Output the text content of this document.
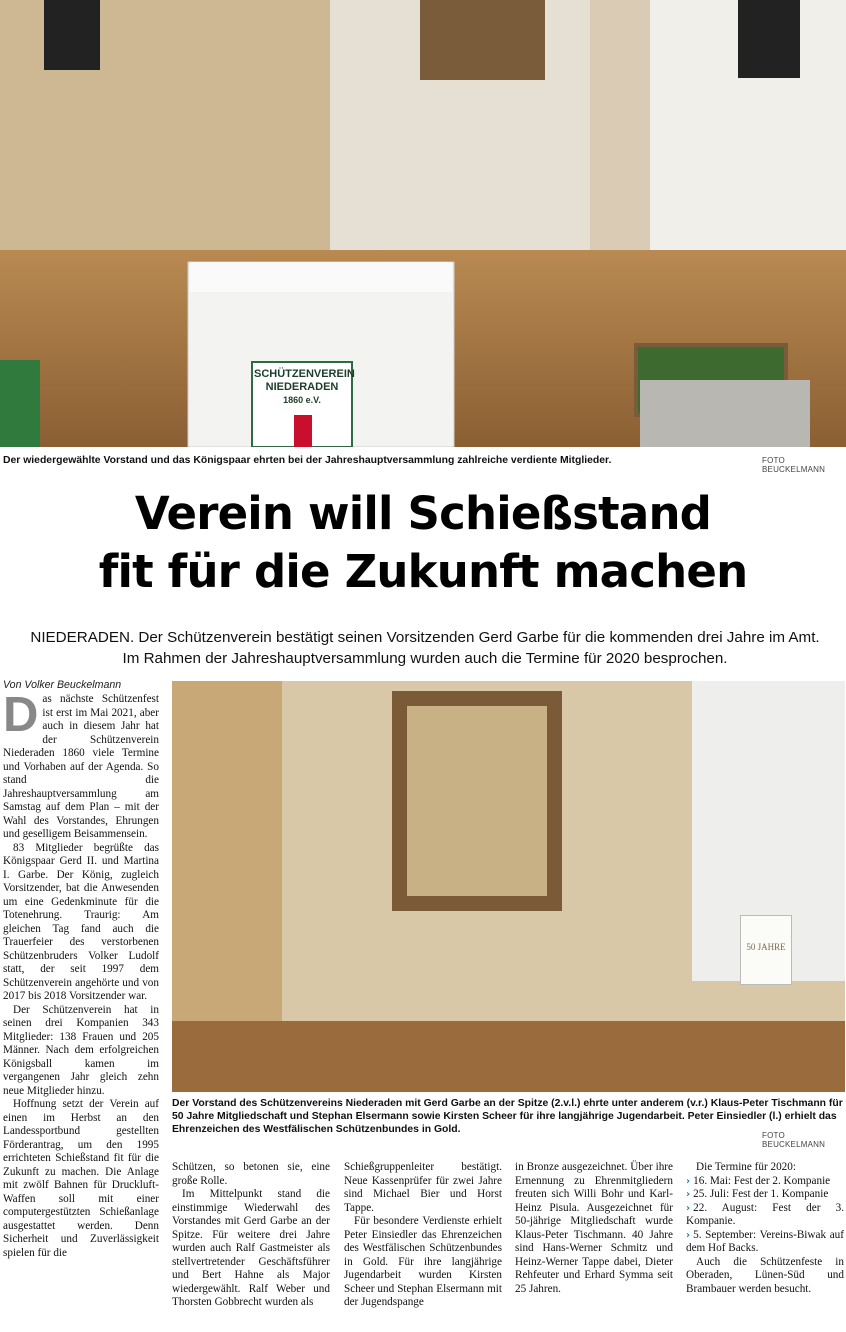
SCHÜTZENVEREIN
NIEDERADEN
1860 e.V.
Der wiedergewählte Vorstand und das Königspaar ehrten bei der Jahreshauptversammlung zahlreiche verdiente Mitglieder.	FOTO BEUCKELMANN
Verein will Schießstand
fit für die Zukunft machen

NIEDERADEN. Der Schützenverein bestätigt seinen Vorsitzenden Gerd Garbe für die kommenden drei Jahre im Amt. Im Rahmen der Jahreshauptversammlung wurden auch die Termine für 2020 besprochen.

Von Volker Beuckelmann
50 JAHRE
Der Vorstand des Schützenvereins Niederaden mit Gerd Garbe an der Spitze (2.v.l.) ehrte unter anderem (v.r.) Klaus-Peter Tischmann für 50 Jahre Mitgliedschaft und Stephan Elsermann sowie Kirsten Scheer für ihre langjährige Jugendarbeit. Peter Einsiedler (l.) erhielt das Ehrenzeichen des Westfälischen Schützenbundes in Gold.
FOTO BEUCKELMANN

Das nächste Schützenfest ist erst im Mai 2021, aber auch in diesem Jahr hat der Schützenverein Niederaden 1860 viele Termine und Vorhaben auf der Agenda. So stand die Jahreshauptversammlung am Samstag auf dem Plan – mit der Wahl des Vorstandes, Ehrungen und geselligem Beisammensein.

83 Mitglieder begrüßte das Königspaar Gerd II. und Martina I. Garbe. Der König, zugleich Vorsitzender, bat die Anwesenden um eine Gedenkminute für die Totenehrung. Traurig: Am gleichen Tag fand auch die Trauerfeier des verstorbenen Schützenbruders Volker Ludolf statt, der seit 1997 dem Schützenverein angehörte und von 2017 bis 2018 Vorsitzender war.

Der Schützenverein hat in seinen drei Kompanien 343 Mitglieder: 138 Frauen und 205 Männer. Nach dem erfolgreichen Königsball kamen im vergangenen Jahr gleich zehn neue Mitglieder hinzu.

Hoffnung setzt der Verein auf einen im Herbst an den Landessportbund gestellten Förderantrag, um den 1995 errichteten Schießstand fit für die Zukunft zu machen. Die Anlage mit zwölf Bahnen für Druckluft-Waffen soll mit einer computergestützten Schießanlage ausgestattet werden. Denn Sicherheit und Zuverlässigkeit spielen für die

Schützen, so betonen sie, eine große Rolle.

Im Mittelpunkt stand die einstimmige Wiederwahl des Vorstandes mit Gerd Garbe an der Spitze. Für weitere drei Jahre wurden auch Ralf Gastmeister als stellvertretender Geschäftsführer und Bert Hahne als Major wiedergewählt. Ralf Weber und Thorsten Gobbrecht wurden als

Schießgruppenleiter bestätigt. Neue Kassenprüfer für zwei Jahre sind Michael Bier und Horst Tappe.

Für besondere Verdienste erhielt Peter Einsiedler das Ehrenzeichen des Westfälischen Schützenbundes in Gold. Für ihre langjährige Jugendarbeit wurden Kirsten Scheer und Stephan Elsermann mit der Jugendspange

in Bronze ausgezeichnet. Über ihre Ernennung zu Ehrenmitgliedern freuten sich Willi Bohr und Karl-Heinz Pisula. Ausgezeichnet für 50-jährige Mitgliedschaft wurde Klaus-Peter Tischmann. 40 Jahre sind Hans-Werner Schmitz und Heinz-Werner Tappe dabei, Dieter Rehfeuter und Erhard Symma seit 25 Jahren.

Die Termine für 2020:

› 16. Mai: Fest der 2. Kompanie
› 25. Juli: Fest der 1. Kompanie
› 22. August: Fest der 3. Kompanie.
› 5. September: Vereins-Biwak auf dem Hof Backs.

Auch die Schützenfeste in Oberaden, Lünen-Süd und Brambauer werden besucht.
